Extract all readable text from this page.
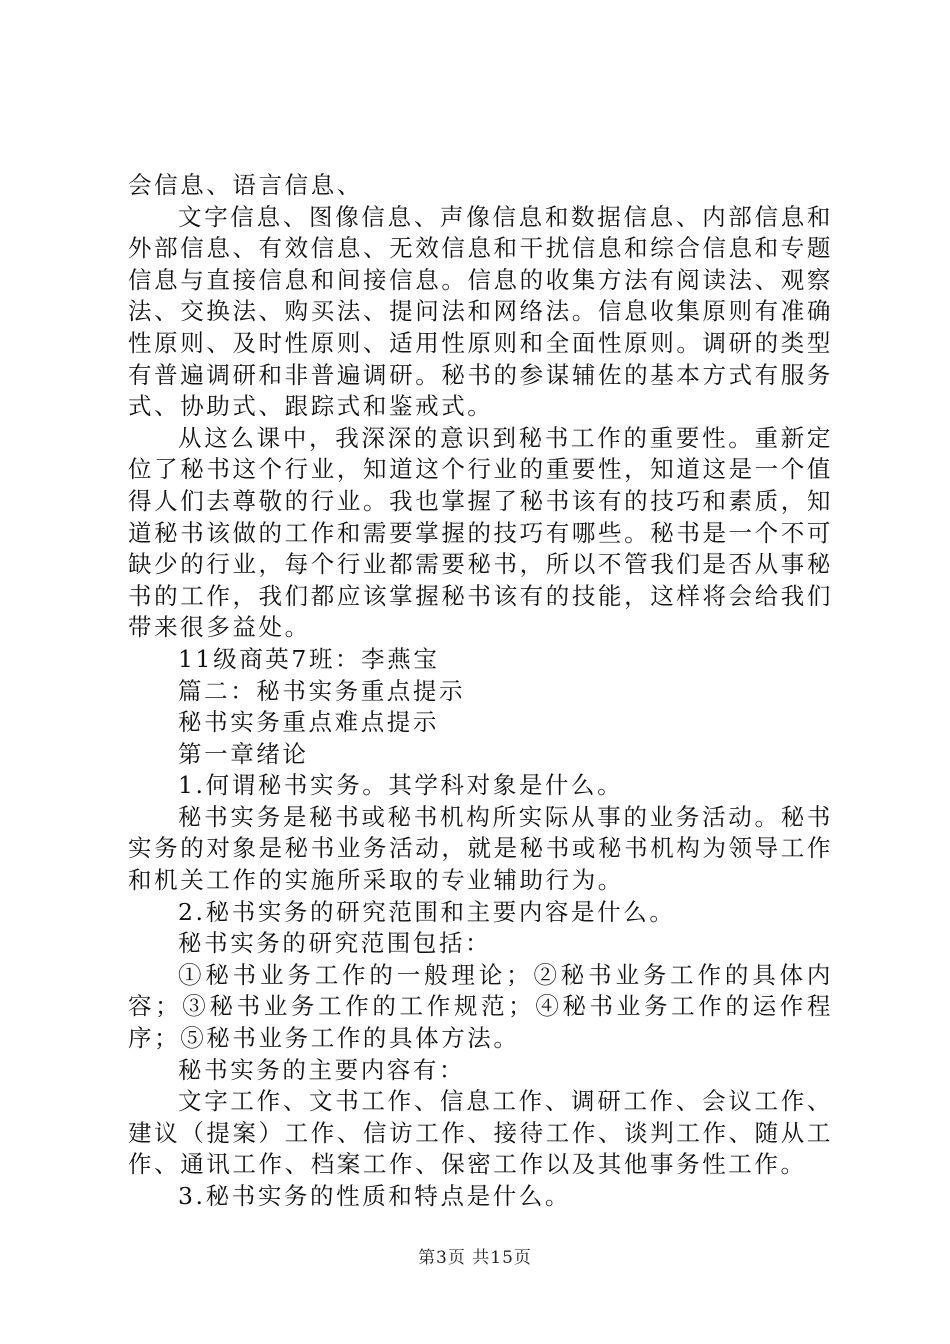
会信息、语言信息、

文字信息、图像信息、声像信息和数据信息、内部信息和外部信息、有效信息、无效信息和干扰信息和综合信息和专题信息与直接信息和间接信息。信息的收集方法有阅读法、观察法、交换法、购买法、提问法和网络法。信息收集原则有准确性原则、及时性原则、适用性原则和全面性原则。调研的类型有普遍调研和非普遍调研。秘书的参谋辅佐的基本方式有服务式、协助式、跟踪式和鉴戒式。

从这么课中，我深深的意识到秘书工作的重要性。重新定位了秘书这个行业，知道这个行业的重要性，知道这是一个值得人们去尊敬的行业。我也掌握了秘书该有的技巧和素质，知道秘书该做的工作和需要掌握的技巧有哪些。秘书是一个不可缺少的行业，每个行业都需要秘书，所以不管我们是否从事秘书的工作，我们都应该掌握秘书该有的技能，这样将会给我们带来很多益处。

11级商英7班：李燕宝

篇二：秘书实务重点提示

秘书实务重点难点提示

第一章绪论

1.何谓秘书实务。其学科对象是什么。

秘书实务是秘书或秘书机构所实际从事的业务活动。秘书实务的对象是秘书业务活动，就是秘书或秘书机构为领导工作和机关工作的实施所采取的专业辅助行为。

2.秘书实务的研究范围和主要内容是什么。

秘书实务的研究范围包括：

①秘书业务工作的一般理论；②秘书业务工作的具体内容；③秘书业务工作的工作规范；④秘书业务工作的运作程序；⑤秘书业务工作的具体方法。

秘书实务的主要内容有：

文字工作、文书工作、信息工作、调研工作、会议工作、建议（提案）工作、信访工作、接待工作、谈判工作、随从工作、通讯工作、档案工作、保密工作以及其他事务性工作。

3.秘书实务的性质和特点是什么。

第3页 共15页
